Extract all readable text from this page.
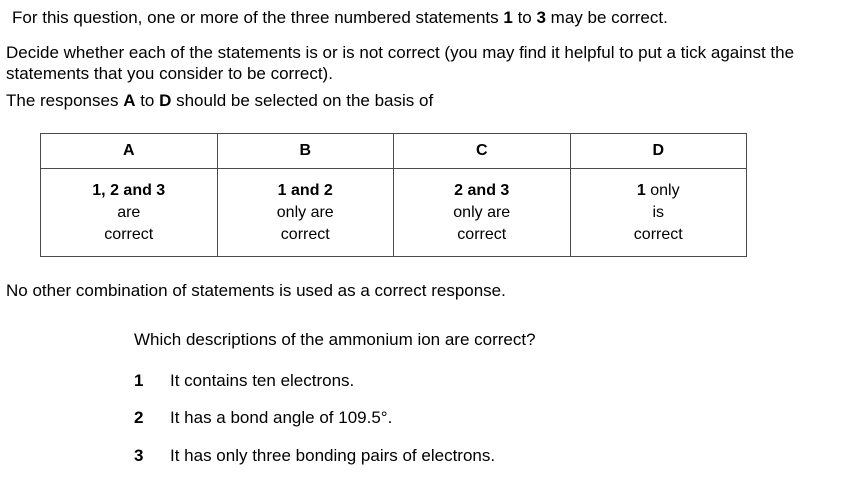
For this question, one or more of the three numbered statements 1 to 3 may be correct.
Decide whether each of the statements is or is not correct (you may find it helpful to put a tick against the statements that you consider to be correct).
The responses A to D should be selected on the basis of
A	B	C	D

1, 2 and 3
are
correct	1 and 2
only are
correct	2 and 3
only are
correct	1 only
is
correct
No other combination of statements is used as a correct response.
Which descriptions of the ammonium ion are correct?
1 It contains ten electrons.
2 It has a bond angle of 109.5°.
3 It has only three bonding pairs of electrons.
